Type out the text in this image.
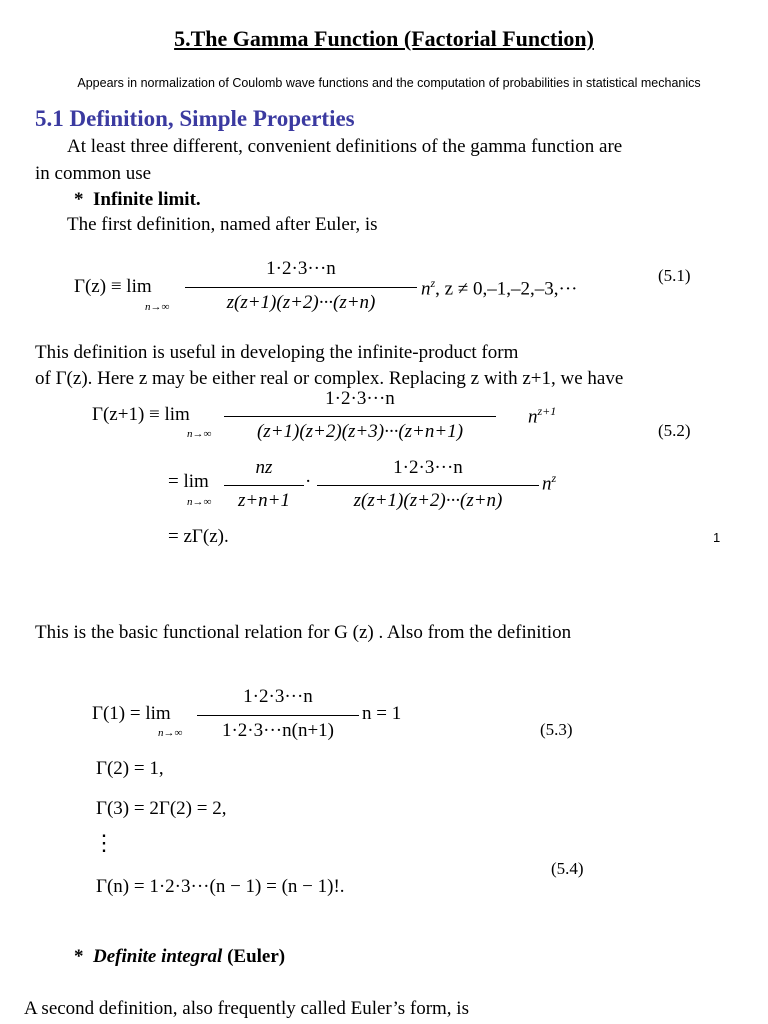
5.The Gamma Function (Factorial Function)
Appears in normalization of Coulomb wave functions and the computation of probabilities in statistical mechanics
5.1 Definition, Simple Properties
At least three different, convenient definitions of the gamma function are
in common use
* Infinite limit.
The first definition, named after Euler, is
Γ(z) ≡ lim
n→∞
1·2·3···n
z(z+1)(z+2)···(z+n)
$n^z$, z ≠ 0,–1,–2,–3,···
(5.1)
This definition is useful in developing the infinite-product form
of Γ(z). Here z may be either real or complex. Replacing z with z+1, we have
Γ(z+1) ≡ lim
n→∞
1·2·3···n
(z+1)(z+2)(z+3)···(z+n+1)
$n^{z+1}$
(5.2)
= lim
n→∞
nz
z+n+1
·
1·2·3···n
z(z+1)(z+2)···(z+n)
$n^z$
= zΓ(z).	1
This is the basic functional relation for G (z) . Also from the definition
Γ(1) = lim
n→∞
1·2·3···n
1·2·3···n(n+1)
n = 1
(5.3)
Γ(2) = 1,
Γ(3) = 2Γ(2) = 2,
⋮
Γ(n) = 1·2·3···(n − 1) = (n − 1)!.
(5.4)
* Definite integral (Euler)
A second definition, also frequently called Euler’s form, is
